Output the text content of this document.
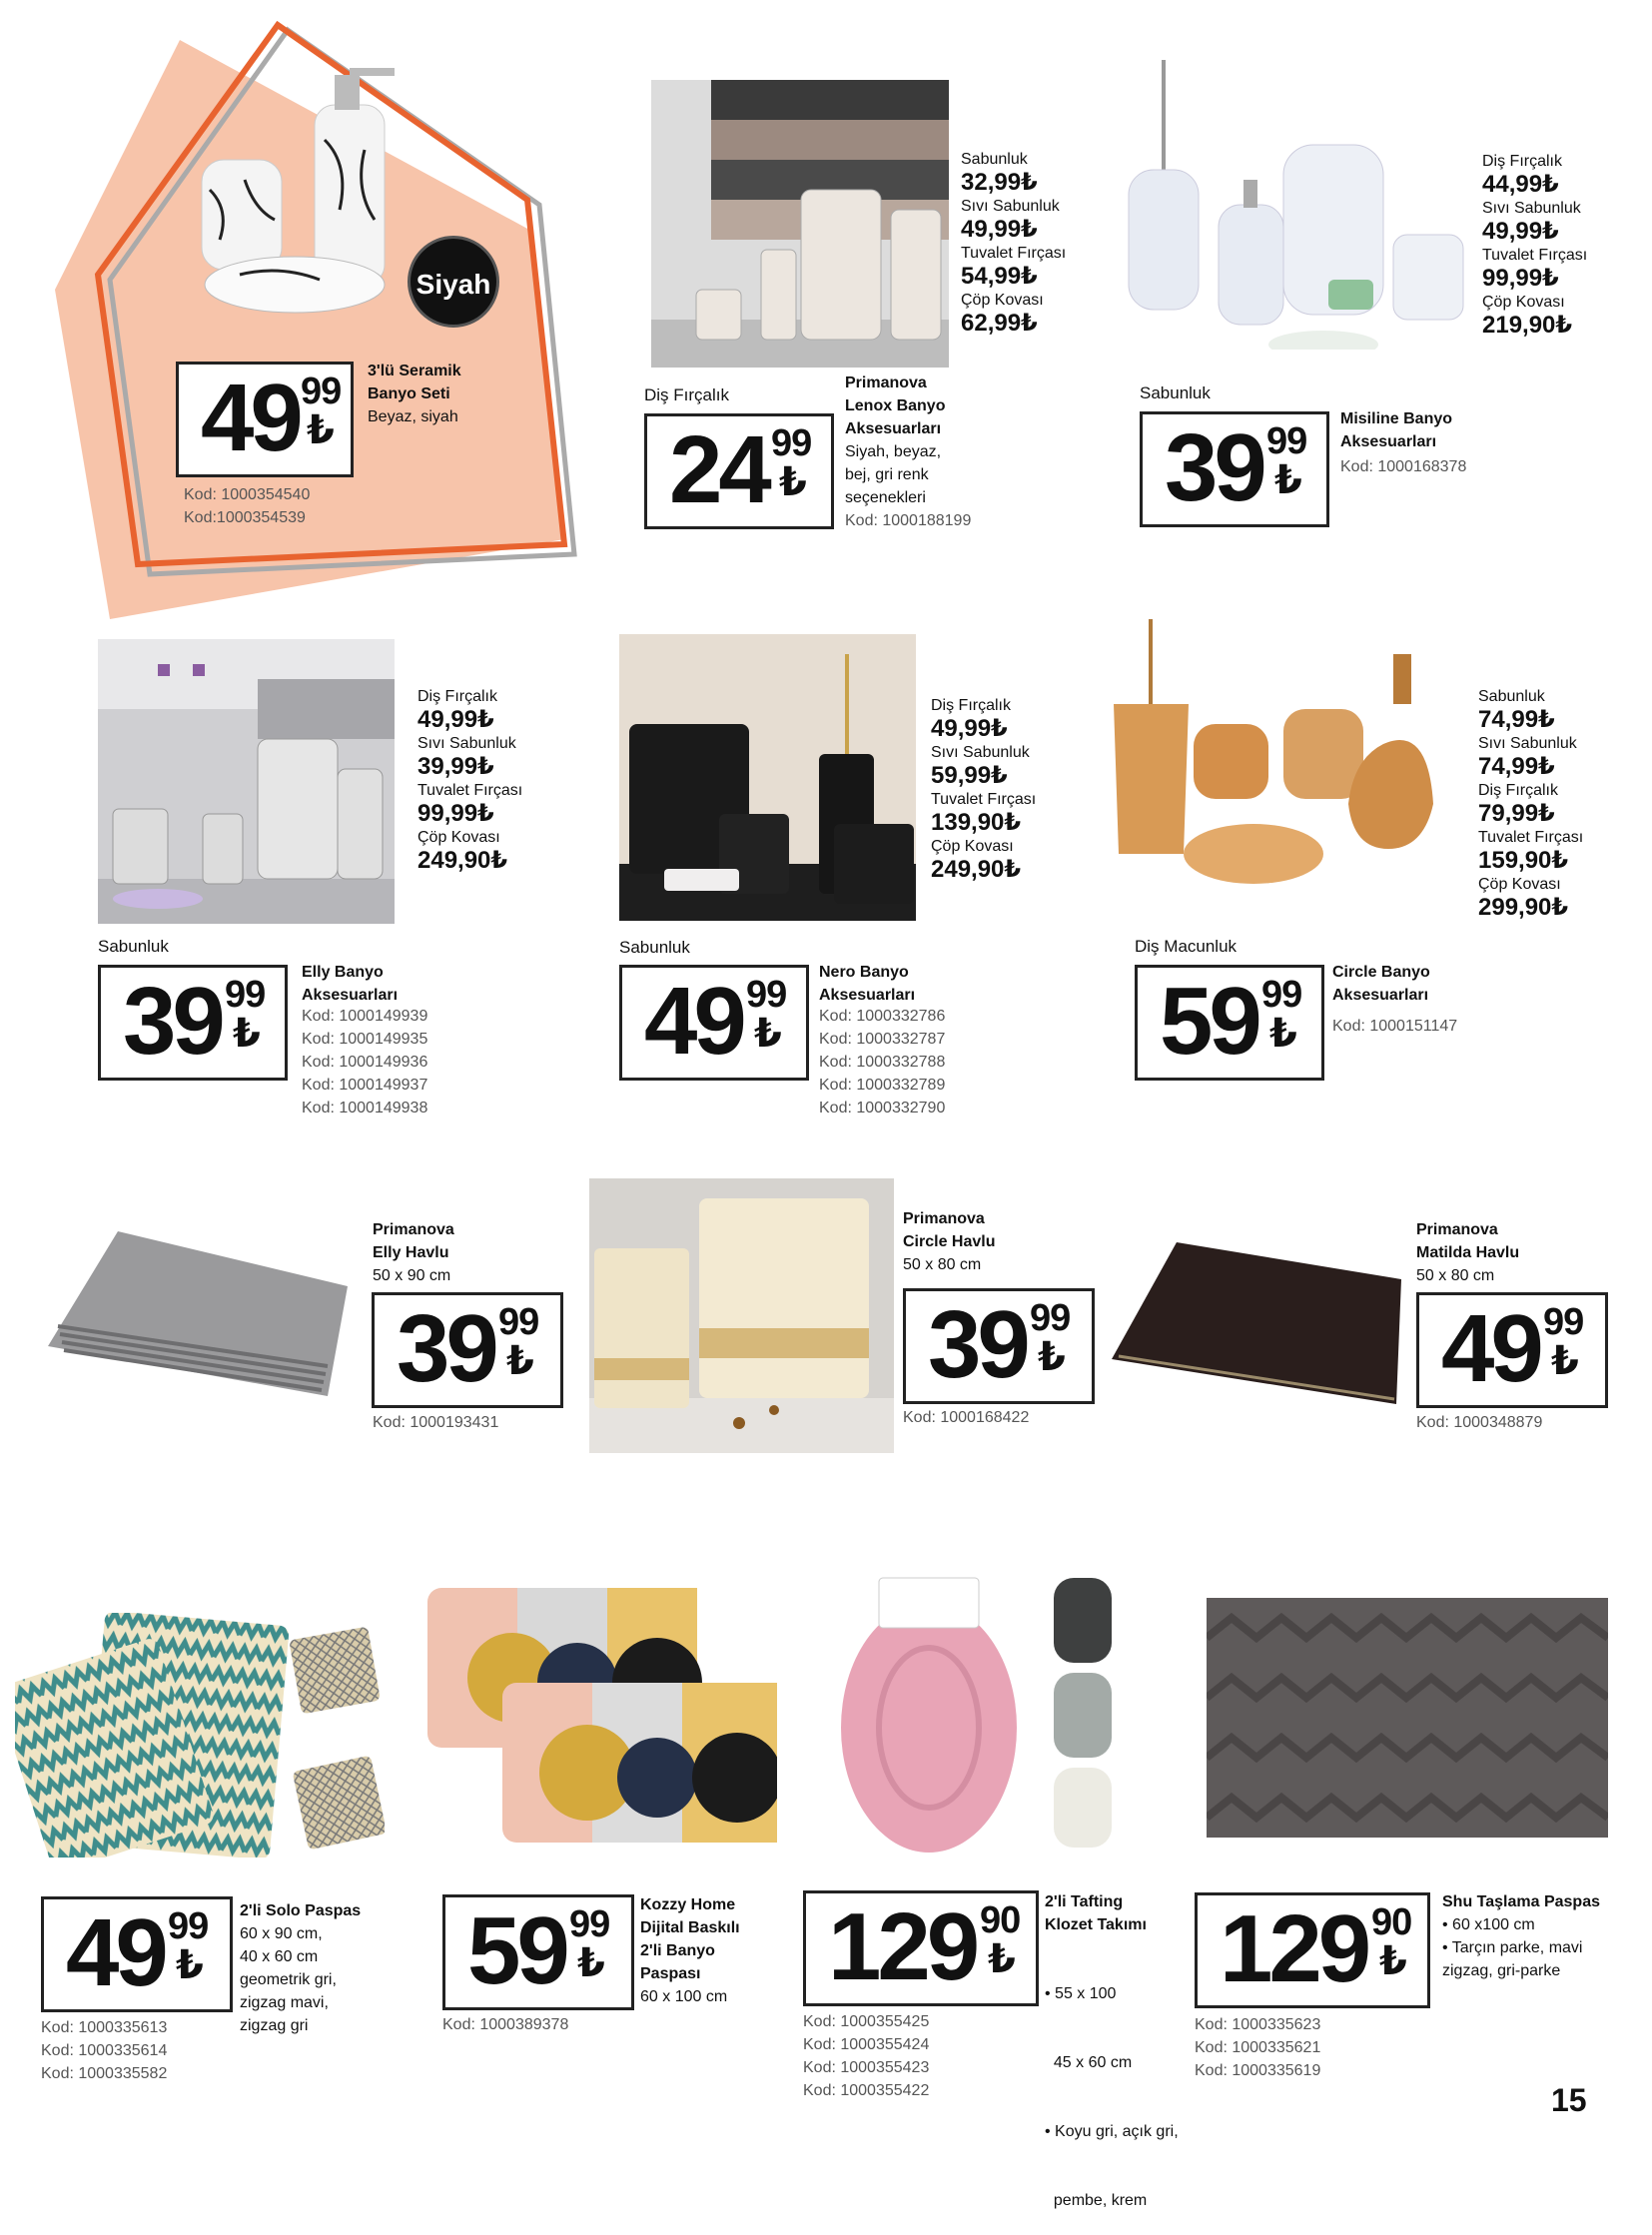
Siyah
49 99
₺
3'lü Seramik
Banyo Seti
Beyaz, siyah
Kod: 1000354540
Kod:1000354539
Sabunluk
32,99₺
Sıvı Sabunluk
49,99₺
Tuvalet Fırçası
54,99₺
Çöp Kovası
62,99₺
Diş Fırçalık
24 99
₺
Primanova
Lenox Banyo
Aksesuarları
Siyah, beyaz,
bej, gri renk
seçenekleri
Kod: 1000188199
Diş Fırçalık
44,99₺
Sıvı Sabunluk
49,99₺
Tuvalet Fırçası
99,99₺
Çöp Kovası
219,90₺
Sabunluk
39 99
₺
Misiline Banyo
Aksesuarları
Kod: 1000168378
Diş Fırçalık
49,99₺
Sıvı Sabunluk
39,99₺
Tuvalet Fırçası
99,99₺
Çöp Kovası
249,90₺
Sabunluk
39 99
₺
Elly Banyo
Aksesuarları
Kod: 1000149939
Kod: 1000149935
Kod: 1000149936
Kod: 1000149937
Kod: 1000149938
Diş Fırçalık
49,99₺
Sıvı Sabunluk
59,99₺
Tuvalet Fırçası
139,90₺
Çöp Kovası
249,90₺
Sabunluk
49 99
₺
Nero Banyo
Aksesuarları
Kod: 1000332786
Kod: 1000332787
Kod: 1000332788
Kod: 1000332789
Kod: 1000332790
Sabunluk
74,99₺
Sıvı Sabunluk
74,99₺
Diş Fırçalık
79,99₺
Tuvalet Fırçası
159,90₺
Çöp Kovası
299,90₺
Diş Macunluk
59 99
₺
Circle Banyo
Aksesuarları
Kod: 1000151147
Primanova
Elly Havlu
50 x 90 cm
39 99
₺
Kod: 1000193431
Primanova
Circle Havlu
50 x 80 cm
39 99
₺
Kod: 1000168422
Primanova
Matilda Havlu
50 x 80 cm
49 99
₺
Kod: 1000348879
49 99
₺
2'li Solo Paspas
60 x 90 cm,
40 x 60 cm
geometrik gri,
zigzag mavi,
zigzag gri
Kod: 1000335613
Kod: 1000335614
Kod: 1000335582
59 99
₺
Kozzy Home
Dijital Baskılı
2'li Banyo
Paspası
60 x 100 cm
Kod: 1000389378
129 90
₺
2'li Tafting
Klozet Takımı

• 55 x 100

45 x 60 cm

• Koyu gri, açık gri,

pembe, krem

Kod: 1000355425
Kod: 1000355424
Kod: 1000355423
Kod: 1000355422
129 90
₺
Shu Taşlama Paspas
• 60 x100 cm
• Tarçın parke, mavi
zigzag, gri-parke
Kod: 1000335623
Kod: 1000335621
Kod: 1000335619
15
